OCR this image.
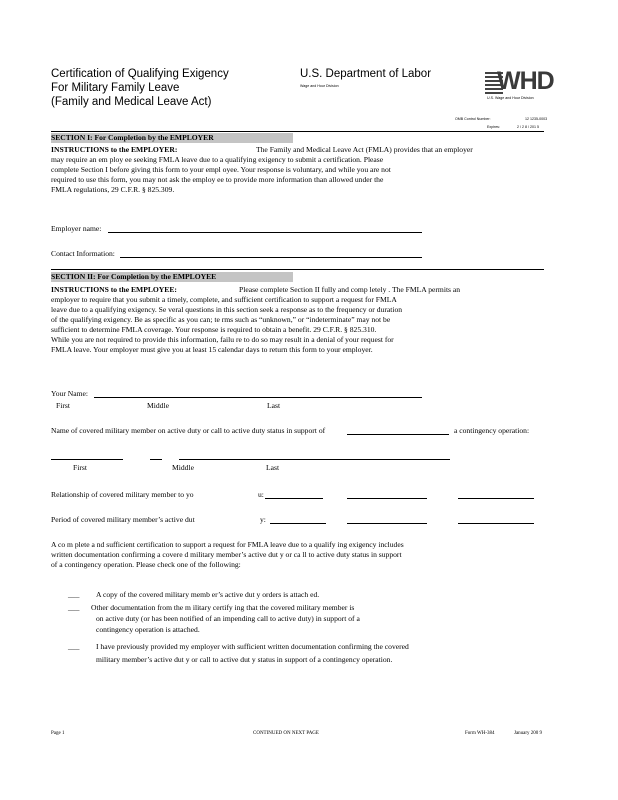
Certification of Qualifying Exigency
For Military Family Leave
(Family and Medical Leave Act)
U.S. Department of Labor
Wage and Hour Division	WHD ★
U.S. Wage and Hour Division
OMB Control Number:	12 1235-0003
Expires:	2 / 2 8 / 201 5
SECTION I: For Completion by the EMPLOYER
INSTRUCTIONS to the EMPLOYER:	The Family and Medical Leave Act (FMLA) provides that an employer
may require an em ploy ee seeking FMLA leave due to a qualifying exigency to submit a certification. Please
complete Section I before giving this form to your empl oyee. Your response is voluntary, and while you are not
required to use this form, you may not ask the employ ee to provide more information than allowed under the
FMLA regulations, 29 C.F.R. § 825.309.
Employer name:
Contact Information:
SECTION II: For Completion by the EMPLOYEE
INSTRUCTIONS to the EMPLOYEE:	Please complete Section II fully and comp letely . The FMLA permits an
employer to require that you submit a timely, complete, and sufficient certification to support a request for FMLA
leave due to a qualifying exigency. Se veral questions in this section seek a response as to the frequency or duration
of the qualifying exigency. Be as specific as you can; te rms such as “unknown,” or “indeterminate” may not be
sufficient to determine FMLA coverage. Your response is required to obtain a benefit. 29 C.F.R. § 825.310.
While you are not required to provide this information, failu re to do so may result in a denial of your request for
FMLA leave. Your employer must give you at least 15 calendar days to return this form to your employer.
Your Name:
First	Middle	Last
Name of covered military member on active duty or call to active duty status in support of	a contingency operation:
First	Middle	Last
Relationship of covered military member to yo	u:
Period of covered military member’s active dut	y:
A co m plete a nd sufficient certification to support a request for FMLA leave due to a qualify ing exigency includes
written documentation confirming a covere d military member’s active dut y or ca ll to active duty status in support
of a contingency operation. Please check one of the following:
___ A copy of the covered military memb er’s active dut y orders is attach ed.
___ Other documentation from the m ilitary certify ing that the covered military member is
on active duty (or has been notified of an impending call to active duty) in support of a
contingency operation is attached.
___ I have previously provided my employer with sufficient written documentation confirming the covered
military member’s active dut y or call to active dut y status in support of a contingency operation.
Page 1	CONTINUED ON NEXT PAGE	Form WH-384	January 200 9
